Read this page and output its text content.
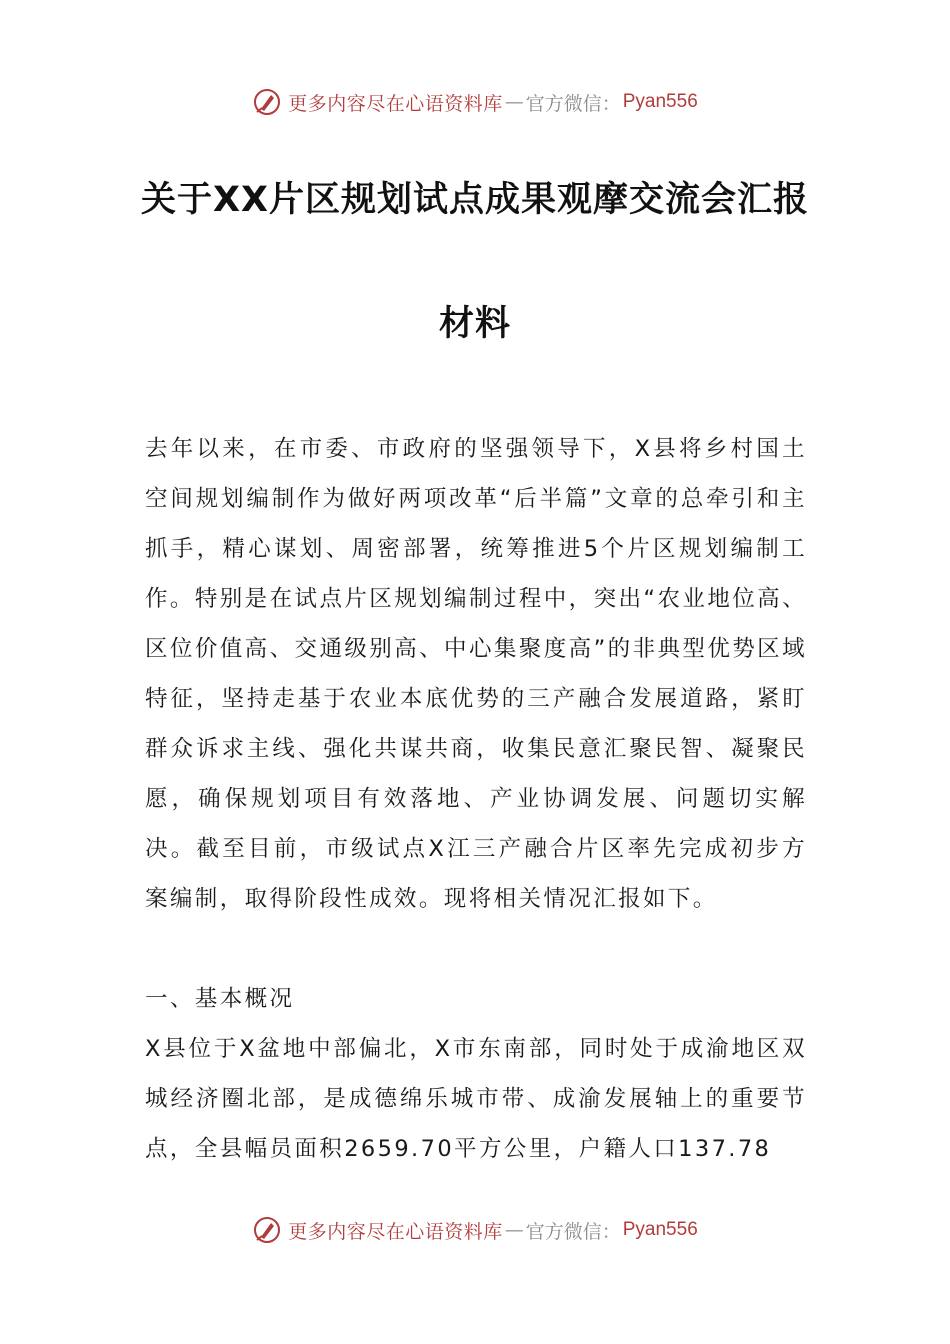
更多内容尽在心语资料库 — 官方微信： Pyan556
关于XX片区规划试点成果观摩交流会汇报
材料

去年以来，在市委、市政府的坚强领导下，X县将乡村国土空间规划编制作为做好两项改革“后半篇”文章的总牵引和主抓手，精心谋划、周密部署，统筹推进5个片区规划编制工作。特别是在试点片区规划编制过程中，突出“农业地位高、区位价值高、交通级别高、中心集聚度高”的非典型优势区域特征，坚持走基于农业本底优势的三产融合发展道路，紧盯群众诉求主线、强化共谋共商，收集民意汇聚民智、凝聚民愿，确保规划项目有效落地、产业协调发展、问题切实解决。截至目前，市级试点X江三产融合片区率先完成初步方案编制，取得阶段性成效。现将相关情况汇报如下。

一、基本概况

X县位于X盆地中部偏北，X市东南部，同时处于成渝地区双城经济圈北部，是成德绵乐城市带、成渝发展轴上的重要节点，全县幅员面积2659.70平方公里，户籍人口137.78

更多内容尽在心语资料库 — 官方微信： Pyan556
